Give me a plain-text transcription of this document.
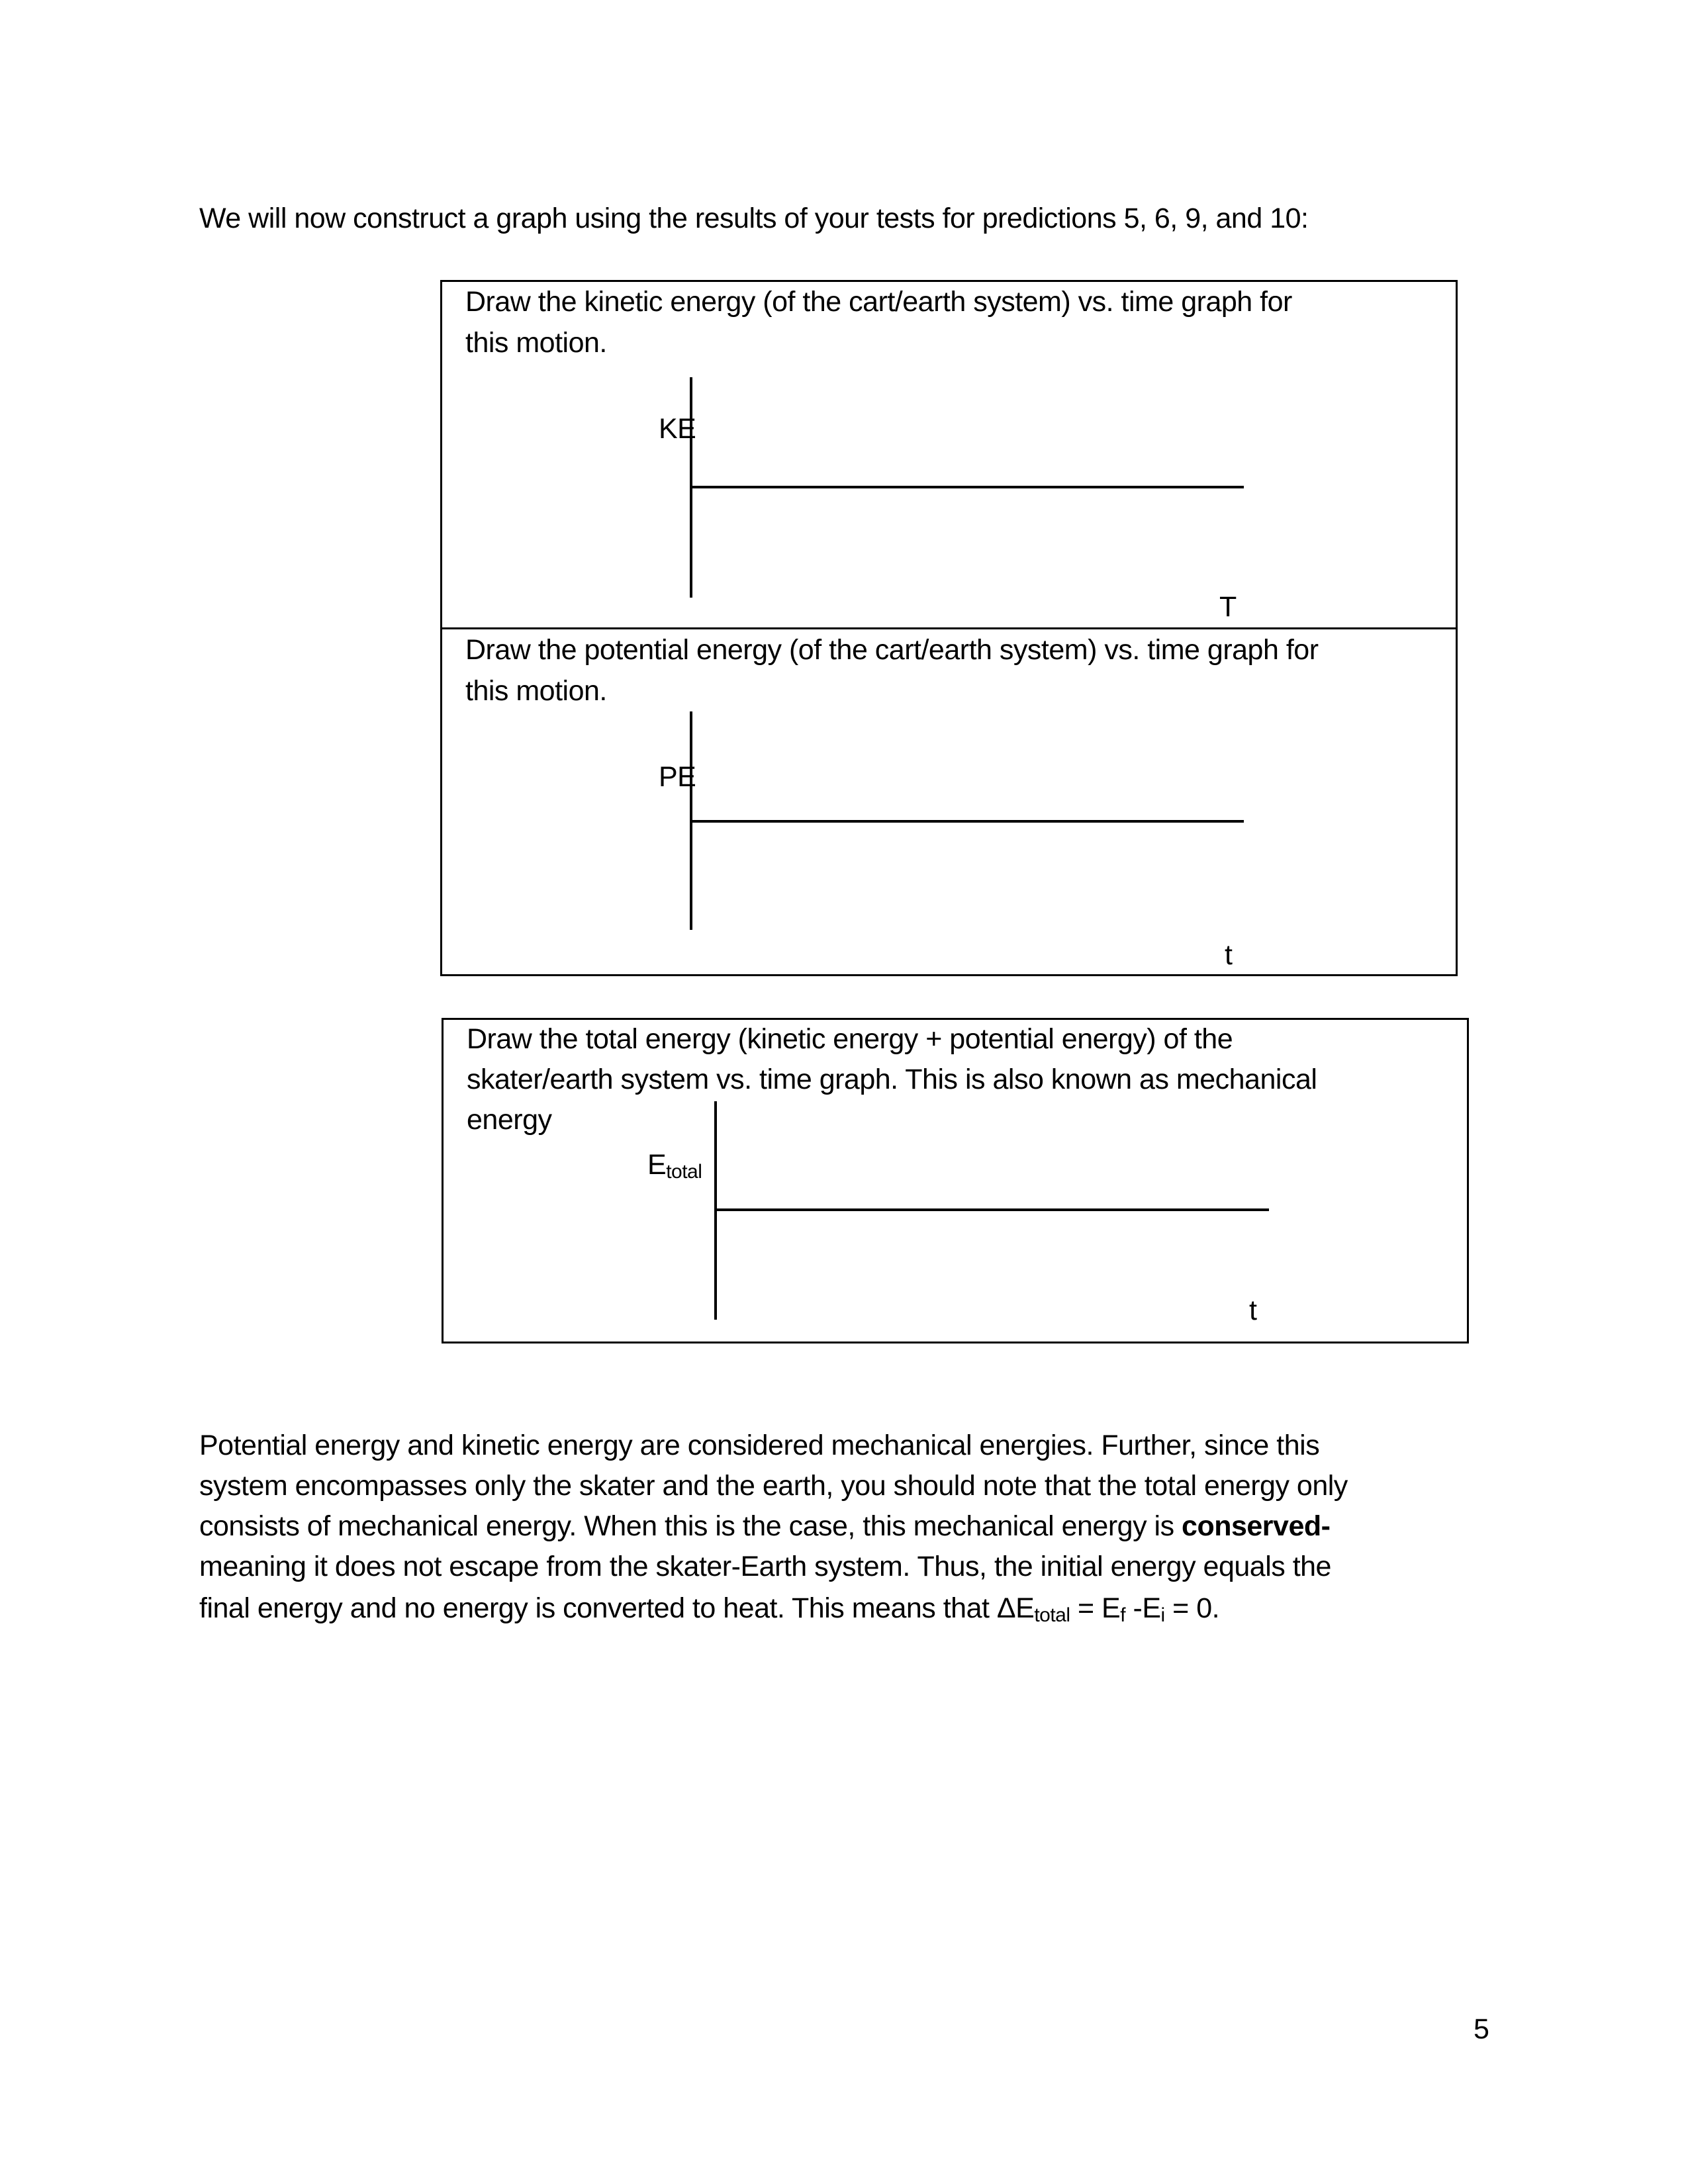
We will now construct a graph using the results of your tests for predictions 5, 6, 9, and 10:
Draw the kinetic energy (of the cart/earth system) vs. time graph for
this motion.
KE
T
Draw the potential energy (of the cart/earth system) vs. time graph for
this motion.
PE
t
Draw the total energy (kinetic energy + potential energy) of the
skater/earth system vs. time graph. This is also known as mechanical
energy
$E_{total}$
t
Potential energy and kinetic energy are considered mechanical energies. Further, since this
system encompasses only the skater and the earth, you should note that the total energy only
consists of mechanical energy. When this is the case, this mechanical energy is conserved-
meaning it does not escape from the skater-Earth system. Thus, the initial energy equals the
final energy and no energy is converted to heat. This means that $\Delta E_{total} = E_f$ $-E_i = 0$.
5
